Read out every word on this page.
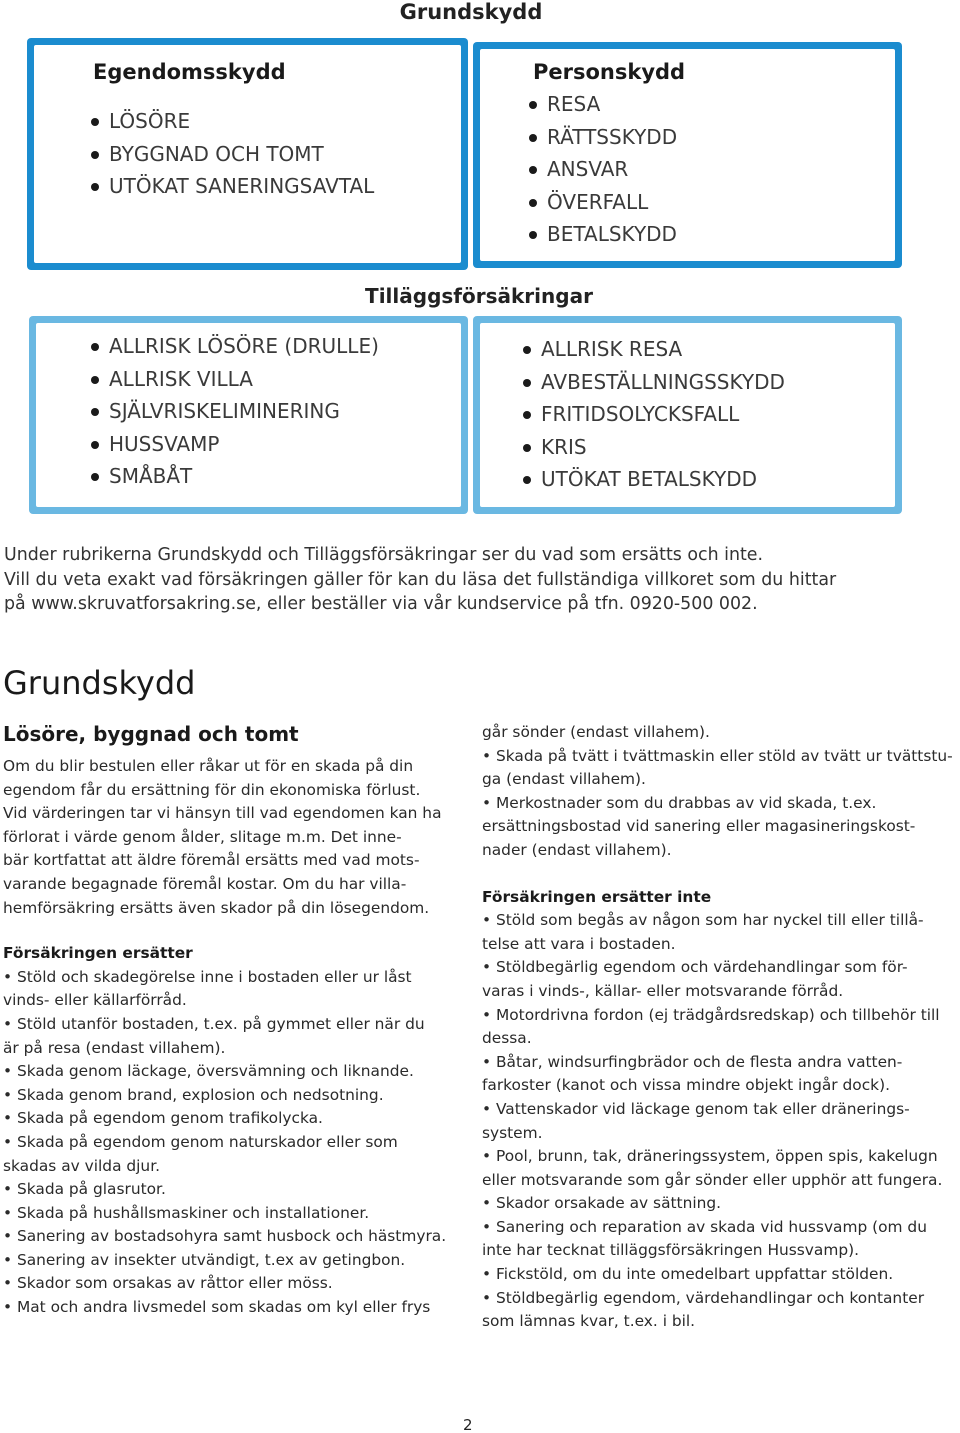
Grundskydd
Egendomsskydd
LÖSÖRE
BYGGNAD OCH TOMT
UTÖKAT SANERINGSAVTAL
Personskydd
RESA
RÄTTSSKYDD
ANSVAR
ÖVERFALL
BETALSKYDD
Tilläggsförsäkringar
ALLRISK LÖSÖRE (DRULLE)
ALLRISK VILLA
SJÄLVRISKELIMINERING
HUSSVAMP
SMÅBÅT
ALLRISK RESA
AVBESTÄLLNINGSSKYDD
FRITIDSOLYCKSFALL
KRIS
UTÖKAT BETALSKYDD
Under rubrikerna Grundskydd och Tilläggsförsäkringar ser du vad som ersätts och inte.
Vill du veta exakt vad försäkringen gäller för kan du läsa det fullständiga villkoret som du hittar
på www.skruvatforsakring.se, eller beställer via vår kundservice på tfn. 0920-500 002.
Grundskydd
Lösöre, byggnad och tomt

Om du blir bestulen eller råkar ut för en skada på din

egendom får du ersättning för din ekonomiska förlust.

Vid värderingen tar vi hänsyn till vad egendomen kan ha

förlorat i värde genom ålder, slitage m.m. Det inne-

bär kortfattat att äldre föremål ersätts med vad mots-

varande begagnade föremål kostar. Om du har villa-

hemförsäkring ersätts även skador på din lösegendom.

Försäkringen ersätter

• Stöld och skadegörelse inne i bostaden eller ur låst

vinds- eller källarförråd.

• Stöld utanför bostaden, t.ex. på gymmet eller när du

är på resa (endast villahem).

• Skada genom läckage, översvämning och liknande.

• Skada genom brand, explosion och nedsotning.

• Skada på egendom genom trafikolycka.

• Skada på egendom genom naturskador eller som

skadas av vilda djur.

• Skada på glasrutor.

• Skada på hushållsmaskiner och installationer.

• Sanering av bostadsohyra samt husbock och hästmyra.

• Sanering av insekter utvändigt, t.ex av getingbon.

• Skador som orsakas av råttor eller möss.

• Mat och andra livsmedel som skadas om kyl eller frys

går sönder (endast villahem).

• Skada på tvätt i tvättmaskin eller stöld av tvätt ur tvättstu-

ga (endast villahem).

• Merkostnader som du drabbas av vid skada, t.ex.

ersättningsbostad vid sanering eller magasineringskost-

nader (endast villahem).

Försäkringen ersätter inte

• Stöld som begås av någon som har nyckel till eller tillå-

telse att vara i bostaden.

• Stöldbegärlig egendom och värdehandlingar som för-

varas i vinds-, källar- eller motsvarande förråd.

• Motordrivna fordon (ej trädgårdsredskap) och tillbehör till

dessa.

• Båtar, windsurfingbrädor och de flesta andra vatten-

farkoster (kanot och vissa mindre objekt ingår dock).

• Vattenskador vid läckage genom tak eller dränerings-

system.

• Pool, brunn, tak, dräneringssystem, öppen spis, kakelugn

eller motsvarande som går sönder eller upphör att fungera.

• Skador orsakade av sättning.

• Sanering och reparation av skada vid hussvamp (om du

inte har tecknat tilläggsförsäkringen Hussvamp).

• Fickstöld, om du inte omedelbart uppfattar stölden.

• Stöldbegärlig egendom, värdehandlingar och kontanter

som lämnas kvar, t.ex. i bil.

2
